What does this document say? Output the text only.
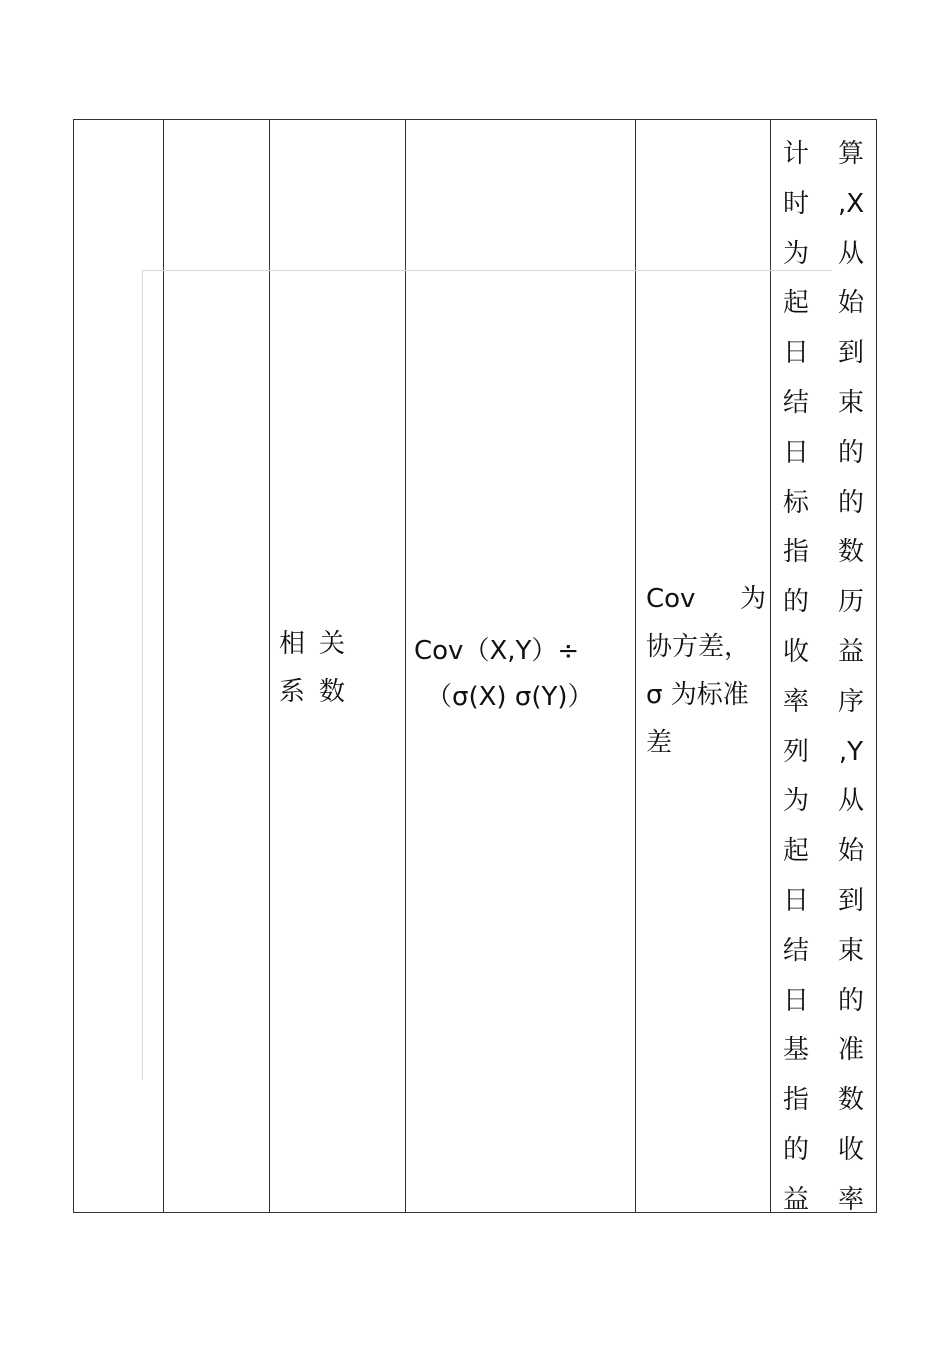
相关系数
Cov（X,Y）÷
（σ(X) σ(Y)）
Cov 为
协方差，
σ 为标准
差
计
时
为
起
日
结
日
标
指
的
收
率
列
为
起
日
结
日
基
指
的
益
算
,X
从
始
到
束
的
的
数
历
益
序
,Y
从
始
到
束
的
准
数
收
率
